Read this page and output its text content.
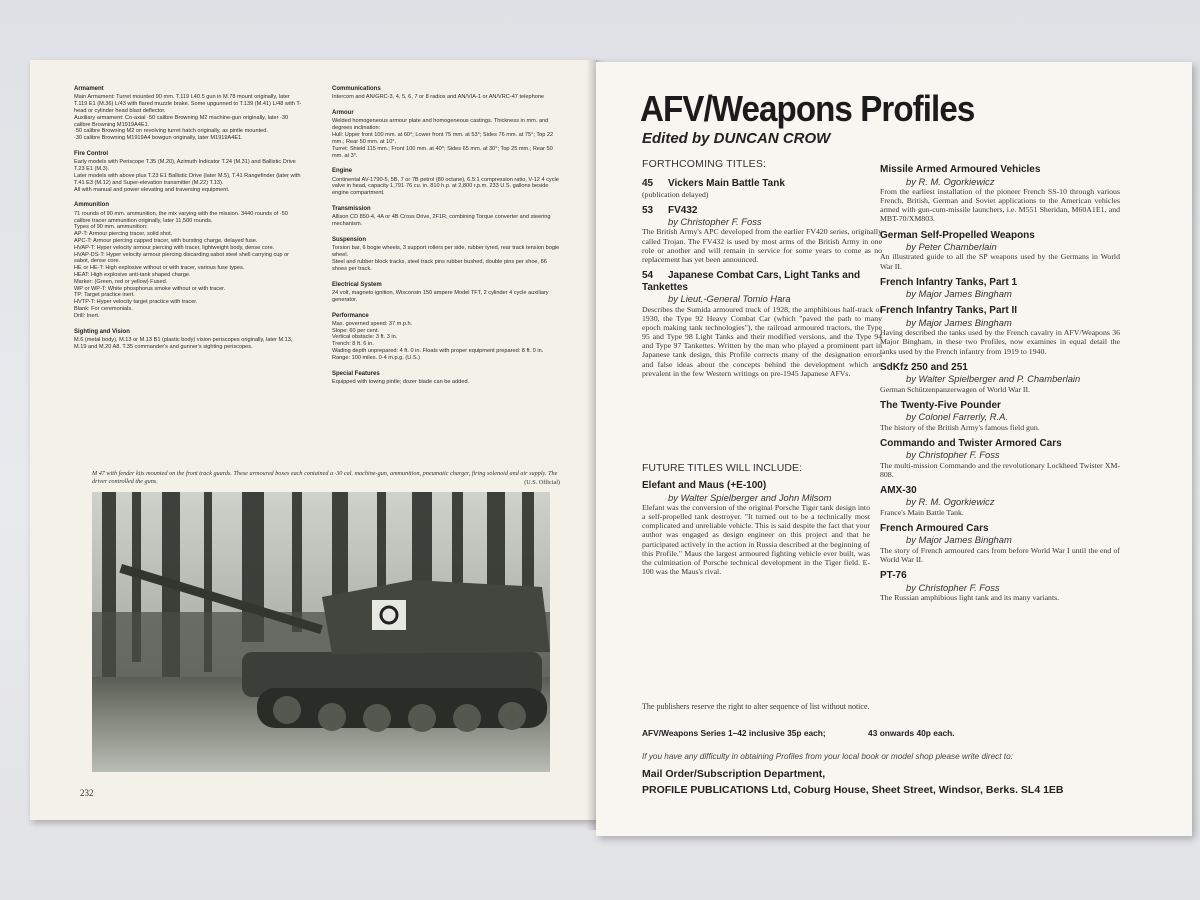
Armament
Main Armament: Turret mounted 90 mm. T.119 L40.5 gun in M.78 mount originally, later T.119 E1 (M.36) L/43 with flared muzzle brake. Some upgunned to T.139 (M.41) L/48 with T-head or cylinder head blast deflector.
Auxiliary armament: Co-axial ·50 calibre Browning M2 machine-gun originally, later ·30 calibre Browning M1919A4E1.
·50 calibre Browning M2 on revolving turret hatch originally, as pintle mounted.
·30 calibre Browning M1919A4 bowgun originally, later M1919A4E1.
Fire Control
Early models with Periscope T.35 (M.20), Azimuth Indicator T.24 (M.31) and Ballistic Drive T.23 E1 (M.3).
Later models with above plus T.23 E1 Ballistic Drive (later M.5), T.41 Rangefinder (later with T.41 E3 (M.12) and Super-elevation transmitter (M.22) T.13).
All with manual and power elevating and traversing equipment.
Ammunition
71 rounds of 90 mm. ammunition, the mix varying with the mission. 3440 rounds of ·50 calibre tracer ammunition originally, later 11,500 rounds.
Types of 90 mm. ammunition:
AP-T: Armour piercing tracer, solid shot.
APC-T: Armour piercing capped tracer, with bursting charge, delayed fuse.
HVAP-T: Hyper velocity armour piercing with tracer, lightweight body, dense core.
HVAP-DS-T: Hyper velocity armour piercing discarding sabot steel shell carrying cup or sabot, dense core.
HE or HE-T: High explosive without or with tracer, various fuse types.
HEAT: High explosive anti-tank shaped charge.
Marker: (Green, red or yellow) Fused.
WP or WP-T: White phosphorus smoke without or with tracer.
TP: Target practice inert.
HVTP-T: Hyper velocity target practice with tracer.
Blank: For ceremonials.
Drill: Inert.
Sighting and Vision
M.6 (metal body), M.13 or M.13 B1 (plastic body) vision periscopes originally, later M.13, M.19 and M.20 A8. T.35 commander's and gunner's sighting periscopes.
Communications
Intercom and AN/GRC-3, 4, 5, 6, 7 or 8 radios and AN/VIA-1 or AN/VRC-47 telephone
Armour
Welded homogeneous armour plate and homogeneous castings. Thickness in mm. and degrees inclination:
Hull: Upper front 100 mm. at 60°; Lower front 75 mm. at 53°; Sides 76 mm. at 75°; Top 22 mm.; Rear 50 mm. at 10°.
Turret: Shield 115 mm.; Front 100 mm. at 40°; Sides 65 mm. at 30°; Top 25 mm.; Rear 50 mm. at 3°.
Engine
Continental AV-1790-5, 5B, 7 or 7B petrol (80 octane), 6.5:1 compression ratio, V-12 4 cycle valve in head, capacity 1,791·76 cu. in. 810 h.p. at 2,800 r.p.m. 233 U.S. gallons beside engine compartment.
Transmission
Allison CD 850-4, 4A or 4B Cross Drive, 2F1R, combining Torque converter and steering mechanism.
Suspension
Torsion bar, 6 bogie wheels, 3 support rollers per side, rubber tyred, rear track tension bogie wheel.
Steel and rubber block tracks, steel track pins rubber bushed, double pins per shoe, 86 shoes per track.
Electrical System
24 volt, magneto ignition, Wisconsin 150 ampere Model TFT, 2 cylinder 4 cycle auxiliary generator.
Performance
Max. governed speed: 37 m.p.h.
Slope: 60 per cent.
Vertical obstacle: 3 ft. 3 in.
Trench: 8 ft. 6 in.
Wading depth unprepared: 4 ft. 0 in. Floats with proper equipment prepared: 8 ft. 0 in.
Range: 100 miles. 0·4 m.p.g. (U.S.)
Special Features
Equipped with towing pintle; dozer blade can be added.
M 47 with fender kits mounted on the front track guards. These armoured boxes each contained a ·30 cal. machine-gun, ammunition, pneumatic charger, firing solenoid and air supply. The driver controlled the guns.	(U.S. Official)
232
AFV/Weapons Profiles
Edited by DUNCAN CROW
FORTHCOMING TITLES:
45 Vickers Main Battle Tank
(publication delayed)
53 FV432
by Christopher F. Foss
The British Army's APC developed from the earlier FV420 series, originally called Trojan. The FV432 is used by most arms of the British Army in one role or another and will remain in service for some years to come as no replacement has yet been announced.
54 Japanese Combat Cars, Light Tanks and Tankettes
by Lieut.-General Tomio Hara
Describes the Sumida armoured truck of 1928, the amphibious half-track of 1930, the Type 92 Heavy Combat Car (which "paved the path to many epoch making tank technologies"), the railroad armoured tractors, the Type 95 and Type 98 Light Tanks and their modified versions, and the Type 94 and Type 97 Tankettes. Written by the man who played a prominent part in Japanese tank design, this Profile corrects many of the designation errors and false ideas about the concepts behind the development which are prevalent in the few Western writings on pre-1945 Japanese AFVs.
Missile Armed Armoured Vehicles
by R. M. Ogorkiewicz
From the earliest installation of the pioneer French SS-10 through various French, British, German and Soviet applications to the American vehicles armed with gun-cum-missile launchers, i.e. M551 Sheridan, M60A1E1, and MBT-70/XM803.
German Self-Propelled Weapons
by Peter Chamberlain
An illustrated guide to all the SP weapons used by the Germans in World War II.
French Infantry Tanks, Part 1
by Major James Bingham
French Infantry Tanks, Part II
by Major James Bingham
Having described the tanks used by the French cavalry in AFV/Weapons 36 Major Bingham, in these two Profiles, now examines in equal detail the tanks used by the French infantry from 1919 to 1940.
SdKfz 250 and 251
by Walter Spielberger and P. Chamberlain
German Schützenpanzerwagen of World War II.
The Twenty-Five Pounder
by Colonel Farrerly, R.A.
The history of the British Army's famous field gun.
Commando and Twister Armored Cars
by Christopher F. Foss
The multi-mission Commando and the revolutionary Lockheed Twister XM-808.
AMX-30
by R. M. Ogorkiewicz
France's Main Battle Tank.
French Armoured Cars
by Major James Bingham
The story of French armoured cars from before World War I until the end of World War II.
PT-76
by Christopher F. Foss
The Russian amphibious light tank and its many variants.
FUTURE TITLES WILL INCLUDE:
Elefant and Maus (+E-100)
by Walter Spielberger and John Milsom
Elefant was the conversion of the original Porsche Tiger tank design into a self-propelled tank destroyer. "It turned out to be a technically most complicated and unreliable vehicle. This is said despite the fact that your author was engaged as design engineer on this project and that he participated actively in the action in Russia described at the beginning of this Profile." Maus the largest armoured fighting vehicle ever built, was the culmination of Porsche technical development in the Tiger field. E-100 was the Maus's rival.
The publishers reserve the right to alter sequence of list without notice.
AFV/Weapons Series 1–42 inclusive 35p each;	43 onwards 40p each.
If you have any difficulty in obtaining Profiles from your local book or model shop please write direct to:
Mail Order/Subscription Department,
PROFILE PUBLICATIONS Ltd, Coburg House, Sheet Street, Windsor, Berks. SL4 1EB
